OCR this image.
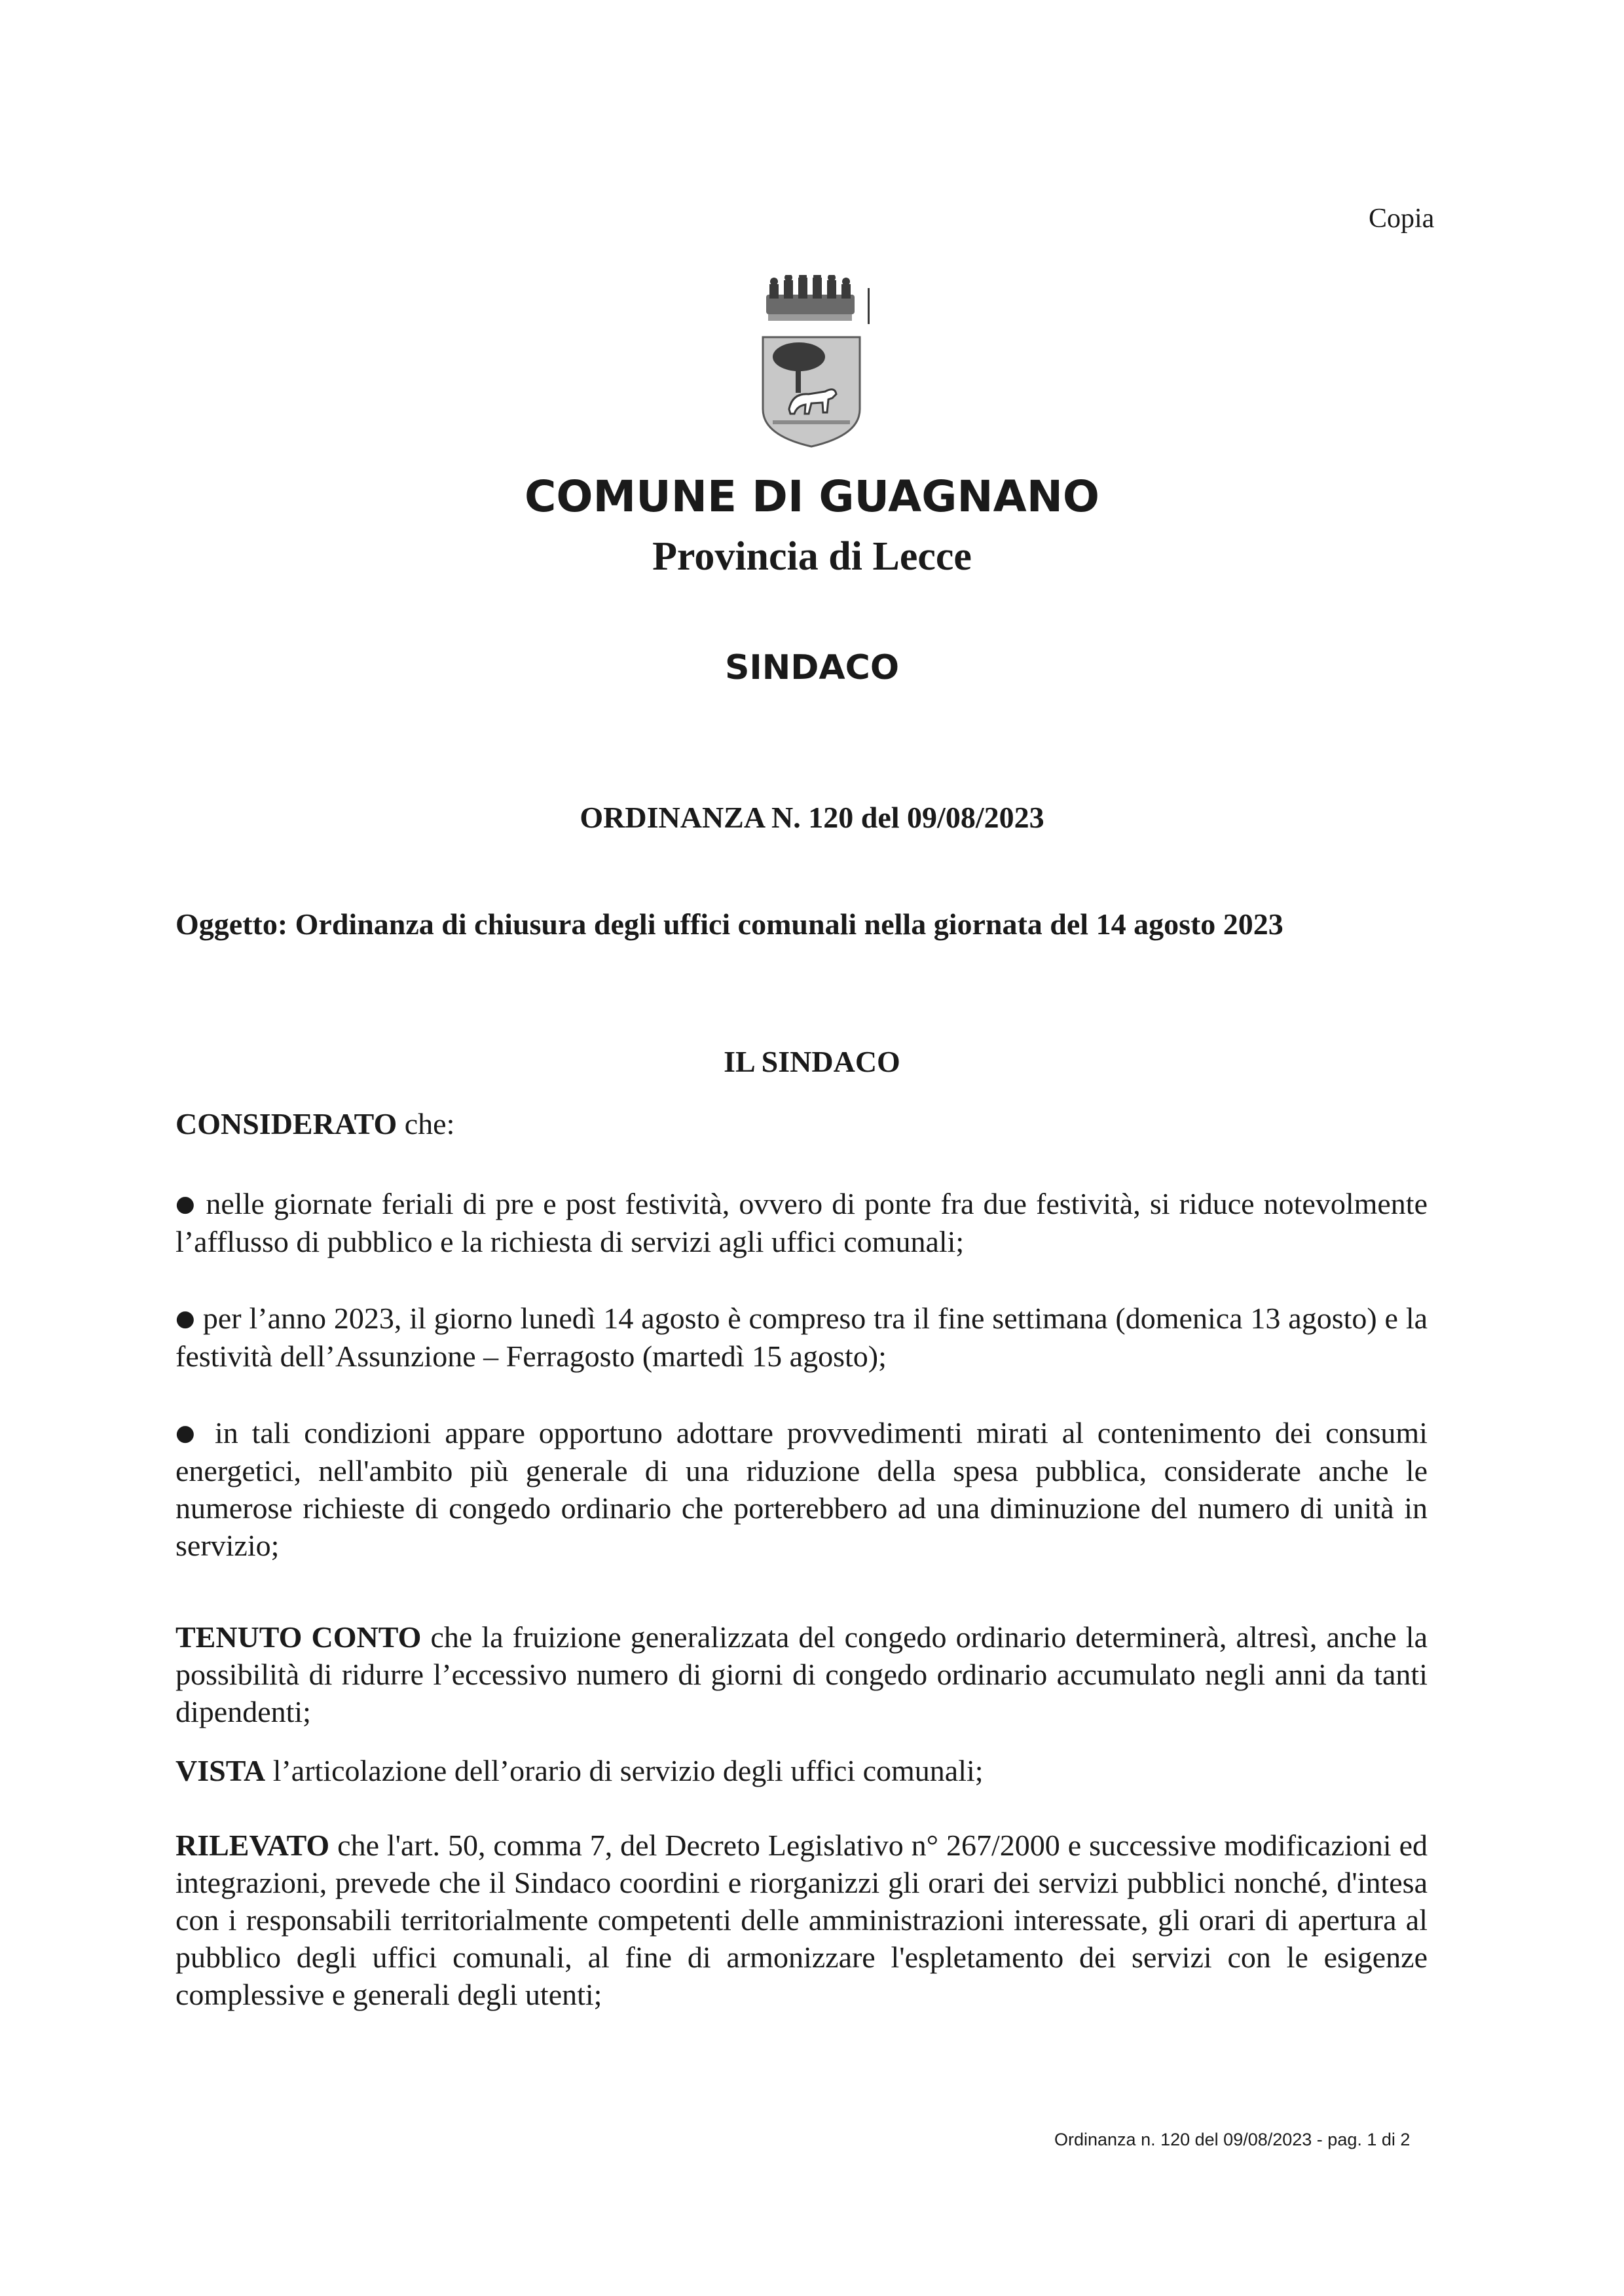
Copia
COMUNE DI GUAGNANO
Provincia di Lecce
SINDACO
ORDINANZA N. 120 del 09/08/2023
Oggetto: Ordinanza di chiusura degli uffici comunali nella giornata del 14 agosto 2023
IL SINDACO
CONSIDERATO che:
● nelle giornate feriali di pre e post festività, ovvero di ponte fra due festività, si riduce notevolmente l’afflusso di pubblico e la richiesta di servizi agli uffici comunali;
● per l’anno 2023, il giorno lunedì 14 agosto è compreso tra il fine settimana (domenica 13 agosto) e la festività dell’Assunzione – Ferragosto (martedì 15 agosto);
● in tali condizioni appare opportuno adottare provvedimenti mirati al contenimento dei consumi energetici, nell'ambito più generale di una riduzione della spesa pubblica, considerate anche le numerose richieste di congedo ordinario che porterebbero ad una diminuzione del numero di unità in servizio;
TENUTO CONTO che la fruizione generalizzata del congedo ordinario determinerà, altresì, anche la possibilità di ridurre l’eccessivo numero di giorni di congedo ordinario accumulato negli anni da tanti dipendenti;
VISTA l’articolazione dell’orario di servizio degli uffici comunali;
RILEVATO che l'art. 50, comma 7, del Decreto Legislativo n° 267/2000 e successive modificazioni ed integrazioni, prevede che il Sindaco coordini e riorganizzi gli orari dei servizi pubblici nonché, d'intesa con i responsabili territorialmente competenti delle amministrazioni interessate, gli orari di apertura al pubblico degli uffici comunali, al fine di armonizzare l'espletamento dei servizi con le esigenze complessive e generali degli utenti;
Ordinanza n. 120 del 09/08/2023 - pag. 1 di 2
